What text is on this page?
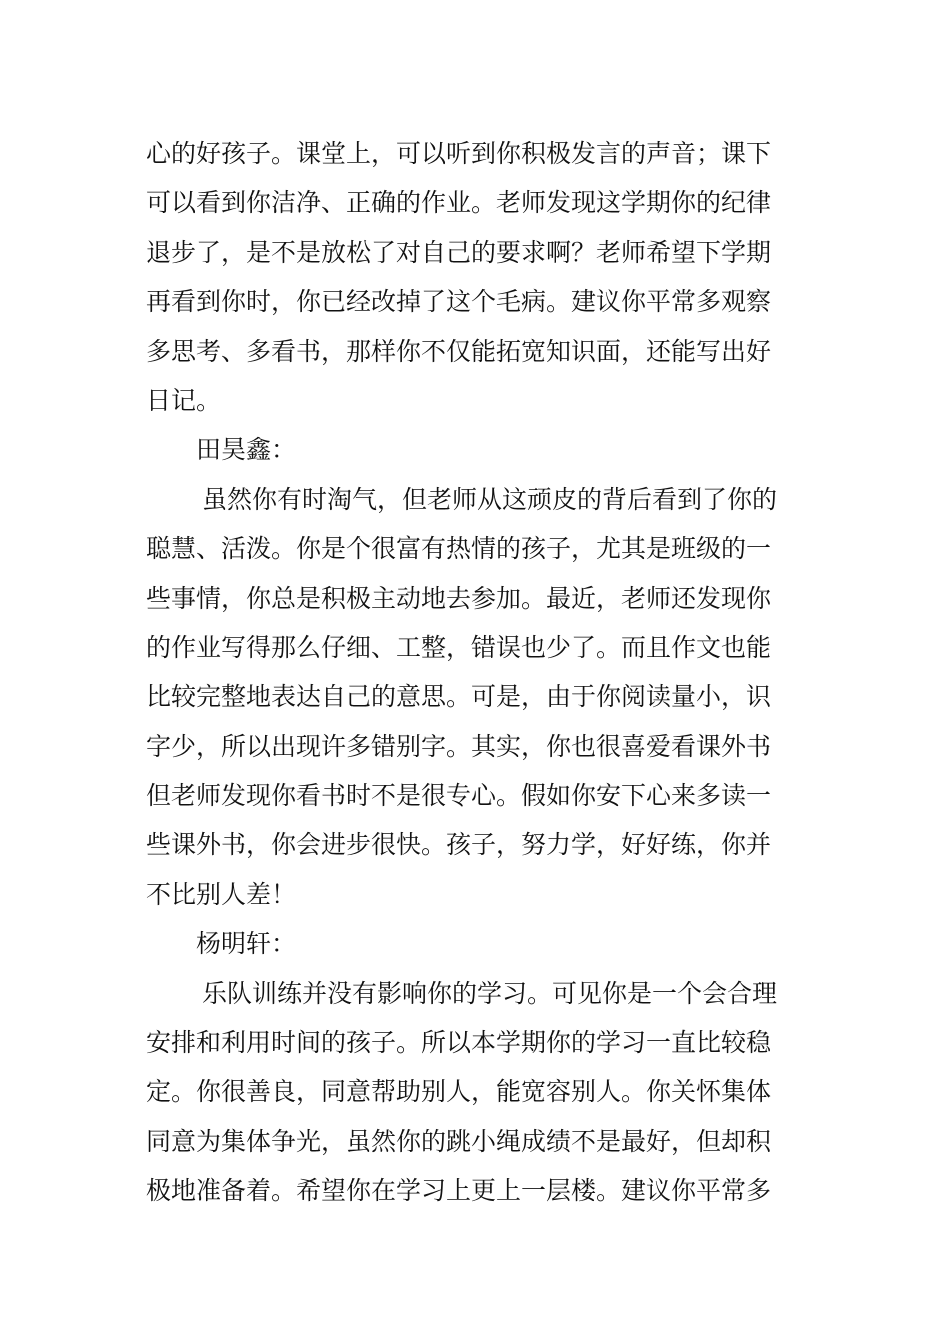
心的好孩子。课堂上，可以听到你积极发言的声音；课下
可以看到你洁净、正确的作业。老师发现这学期你的纪律
退步了，是不是放松了对自己的要求啊？老师希望下学期
再看到你时，你已经改掉了这个毛病。建议你平常多观察
多思考、多看书，那样你不仅能拓宽知识面，还能写出好
日记。
田昊鑫：
虽然你有时淘气，但老师从这顽皮的背后看到了你的
聪慧、活泼。你是个很富有热情的孩子，尤其是班级的一
些事情，你总是积极主动地去参加。最近，老师还发现你
的作业写得那么仔细、工整，错误也少了。而且作文也能
比较完整地表达自己的意思。可是，由于你阅读量小，识
字少，所以出现许多错别字。其实，你也很喜爱看课外书
但老师发现你看书时不是很专心。假如你安下心来多读一
些课外书，你会进步很快。孩子，努力学，好好练，你并
不比别人差！
杨明轩：
乐队训练并没有影响你的学习。可见你是一个会合理
安排和利用时间的孩子。所以本学期你的学习一直比较稳
定。你很善良，同意帮助别人，能宽容别人。你关怀集体
同意为集体争光，虽然你的跳小绳成绩不是最好，但却积
极地准备着。希望你在学习上更上一层楼。建议你平常多
